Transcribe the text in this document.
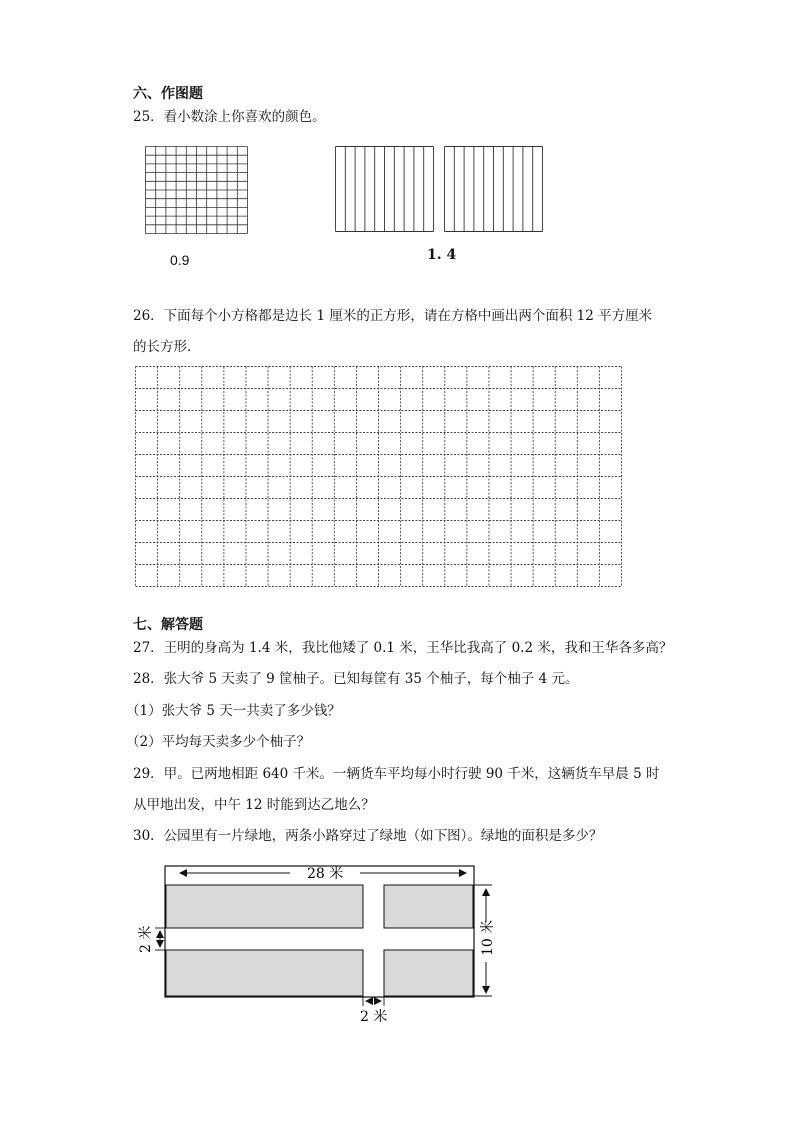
六、作图题
25．看小数涂上你喜欢的颜色。
0.9	1. 4
26．下面每个小方格都是边长 1 厘米的正方形，请在方格中画出两个面积 12 平方厘米
的长方形．
七、解答题
27．王明的身高为 1.4 米，我比他矮了 0.1 米，王华比我高了 0.2 米，我和王华各多高？
28．张大爷 5 天卖了 9 筐柚子。已知每筐有 35 个柚子，每个柚子 4 元。
（1）张大爷 5 天一共卖了多少钱？
（2）平均每天卖多少个柚子？
29．甲。已两地相距 640 千米。一辆货车平均每小时行驶 90 千米，这辆货车早晨 5 时
从甲地出发，中午 12 时能到达乙地么？
30．公园里有一片绿地，两条小路穿过了绿地（如下图）。绿地的面积是多少？
28 米
10 米
2 米
2 米
